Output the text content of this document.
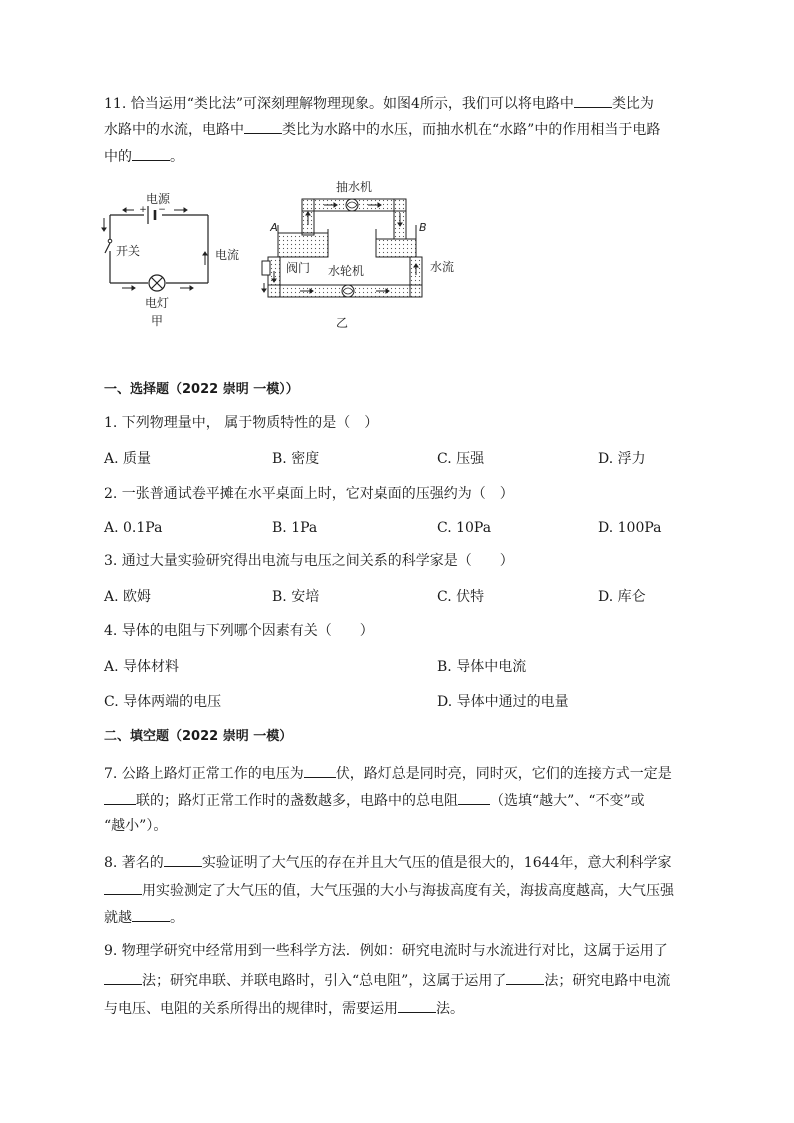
11. 恰当运用“类比法”可深刻理解物理现象。如图4所示，我们可以将电路中	类比为
水路中的水流，电路中	类比为水路中的水压，而抽水机在“水路”中的作用相当于电路
中的	。
+ −
电源
开关	电流
电灯
甲
抽水机
A	B
阀门 水轮机	水流
乙
一、选择题（2022 崇明 一模））
1. 下列物理量中， 属于物质特性的是（　）
A. 质量	B. 密度	C. 压强	D. 浮力
2. 一张普通试卷平摊在水平桌面上时，它对桌面的压强约为（　）
A. 0.1Pa	B. 1Pa	C. 10Pa	D. 100Pa
3. 通过大量实验研究得出电流与电压之间关系的科学家是（　　）
A. 欧姆	B. 安培	C. 伏特	D. 库仑
4. 导体的电阻与下列哪个因素有关（　　）
A. 导体材料	B. 导体中电流
C. 导体两端的电压	D. 导体中通过的电量
二、填空题（2022 崇明 一模）
7. 公路上路灯正常工作的电压为 伏，路灯总是同时亮，同时灭，它们的连接方式一定是
联的；路灯正常工作时的盏数越多，电路中的总电阻 （选填“越大”、“不变”或
“越小”）。
8. 著名的	实验证明了大气压的存在并且大气压的值是很大的，1644年，意大利科学家
用实验测定了大气压的值，大气压强的大小与海拔高度有关，海拔高度越高，大气压强
就越	。
9. 物理学研究中经常用到一些科学方法．例如：研究电流时与水流进行对比，这属于运用了
法；研究串联、并联电路时，引入“总电阻”，这属于运用了	法；研究电路中电流
与电压、电阻的关系所得出的规律时，需要运用	法。
